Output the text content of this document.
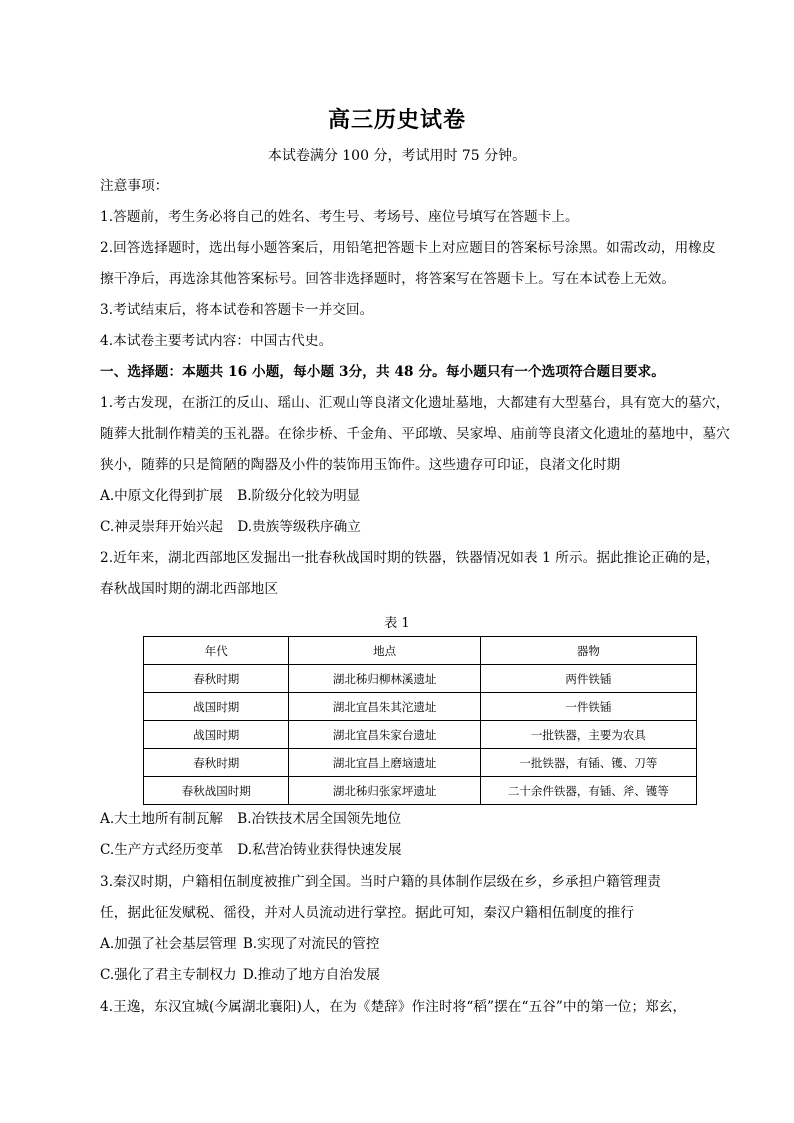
高三历史试卷
本试卷满分 100 分，考试用时 75 分钟。
注意事项：
1.答题前，考生务必将自己的姓名、考生号、考场号、座位号填写在答题卡上。
2.回答选择题时，选出每小题答案后，用铅笔把答题卡上对应题目的答案标号涂黑。如需改动，用橡皮
擦干净后，再选涂其他答案标号。回答非选择题时，将答案写在答题卡上。写在本试卷上无效。
3.考试结束后，将本试卷和答题卡一并交回。
4.本试卷主要考试内容：中国古代史。
一、选择题：本题共 16 小题，每小题 3分，共 48 分。每小题只有一个选项符合题目要求。
1.考古发现，在浙江的反山、瑶山、汇观山等良渚文化遗址墓地，大都建有大型墓台，具有宽大的墓穴，
随葬大批制作精美的玉礼器。在徐步桥、千金角、平邱墩、吴家埠、庙前等良渚文化遗址的墓地中，墓穴
狭小，随葬的只是简陋的陶器及小件的装饰用玉饰件。这些遗存可印证，良渚文化时期
A.中原文化得到扩展 B.阶级分化较为明显
C.神灵崇拜开始兴起 D.贵族等级秩序确立
2.近年来，湖北西部地区发掘出一批春秋战国时期的铁器，铁器情况如表 1 所示。据此推论正确的是，
春秋战国时期的湖北西部地区
表 1
年代	地点	器物
春秋时期	湖北秭归柳林溪遗址	两件铁锸
战国时期	湖北宜昌朱其沱遗址	一件铁锸
战国时期	湖北宜昌朱家台遗址	一批铁器，主要为农具
春秋时期	湖北宜昌上磨垴遗址	一批铁器，有锸、镬、刀等
春秋战国时期	湖北秭归张家坪遗址	二十余件铁器，有锸、斧、镬等
A.大土地所有制瓦解 B.冶铁技术居全国领先地位
C.生产方式经历变革 D.私营冶铸业获得快速发展
3.秦汉时期，户籍相伍制度被推广到全国。当时户籍的具体制作层级在乡，乡承担户籍管理责
任，据此征发赋税、徭役，并对人员流动进行掌控。据此可知，秦汉户籍相伍制度的推行
A.加强了社会基层管理 B.实现了对流民的管控
C.强化了君主专制权力 D.推动了地方自治发展
4.王逸，东汉宜城(今属湖北襄阳)人，在为《楚辞》作注时将“稻”摆在“五谷”中的第一位；郑玄，
